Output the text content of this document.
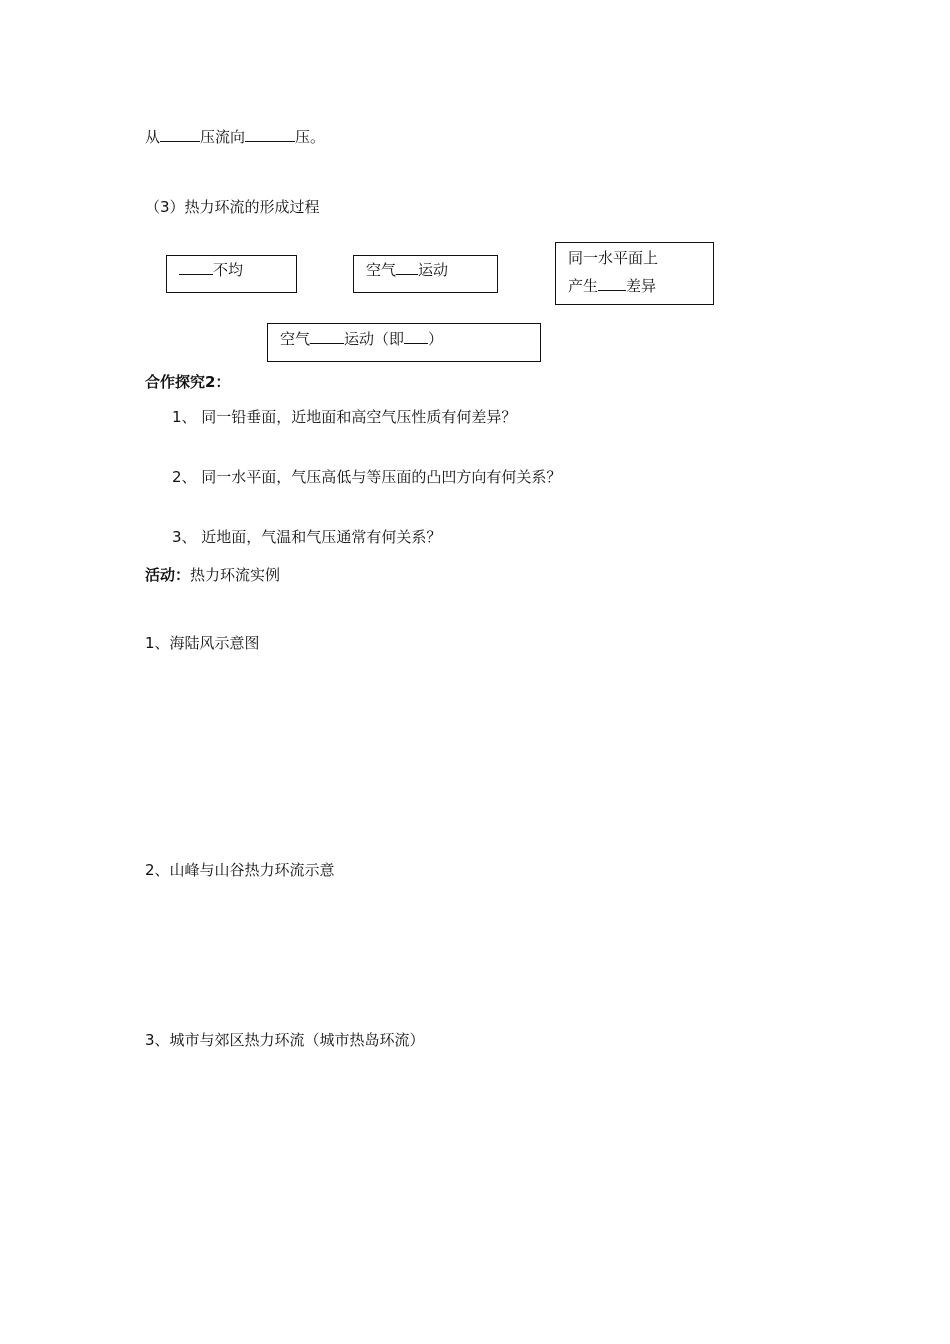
从	压流向	压。
（3）热力环流的形成过程
不均	空气 运动
同一水平面上
产生 差异
空气 运动（即 ）
合作探究2：
1、 同一铅垂面，近地面和高空气压性质有何差异？
2、 同一水平面，气压高低与等压面的凸凹方向有何关系？
3、 近地面，气温和气压通常有何关系？
活动：热力环流实例
1、海陆风示意图
2、山峰与山谷热力环流示意
3、城市与郊区热力环流（城市热岛环流）
